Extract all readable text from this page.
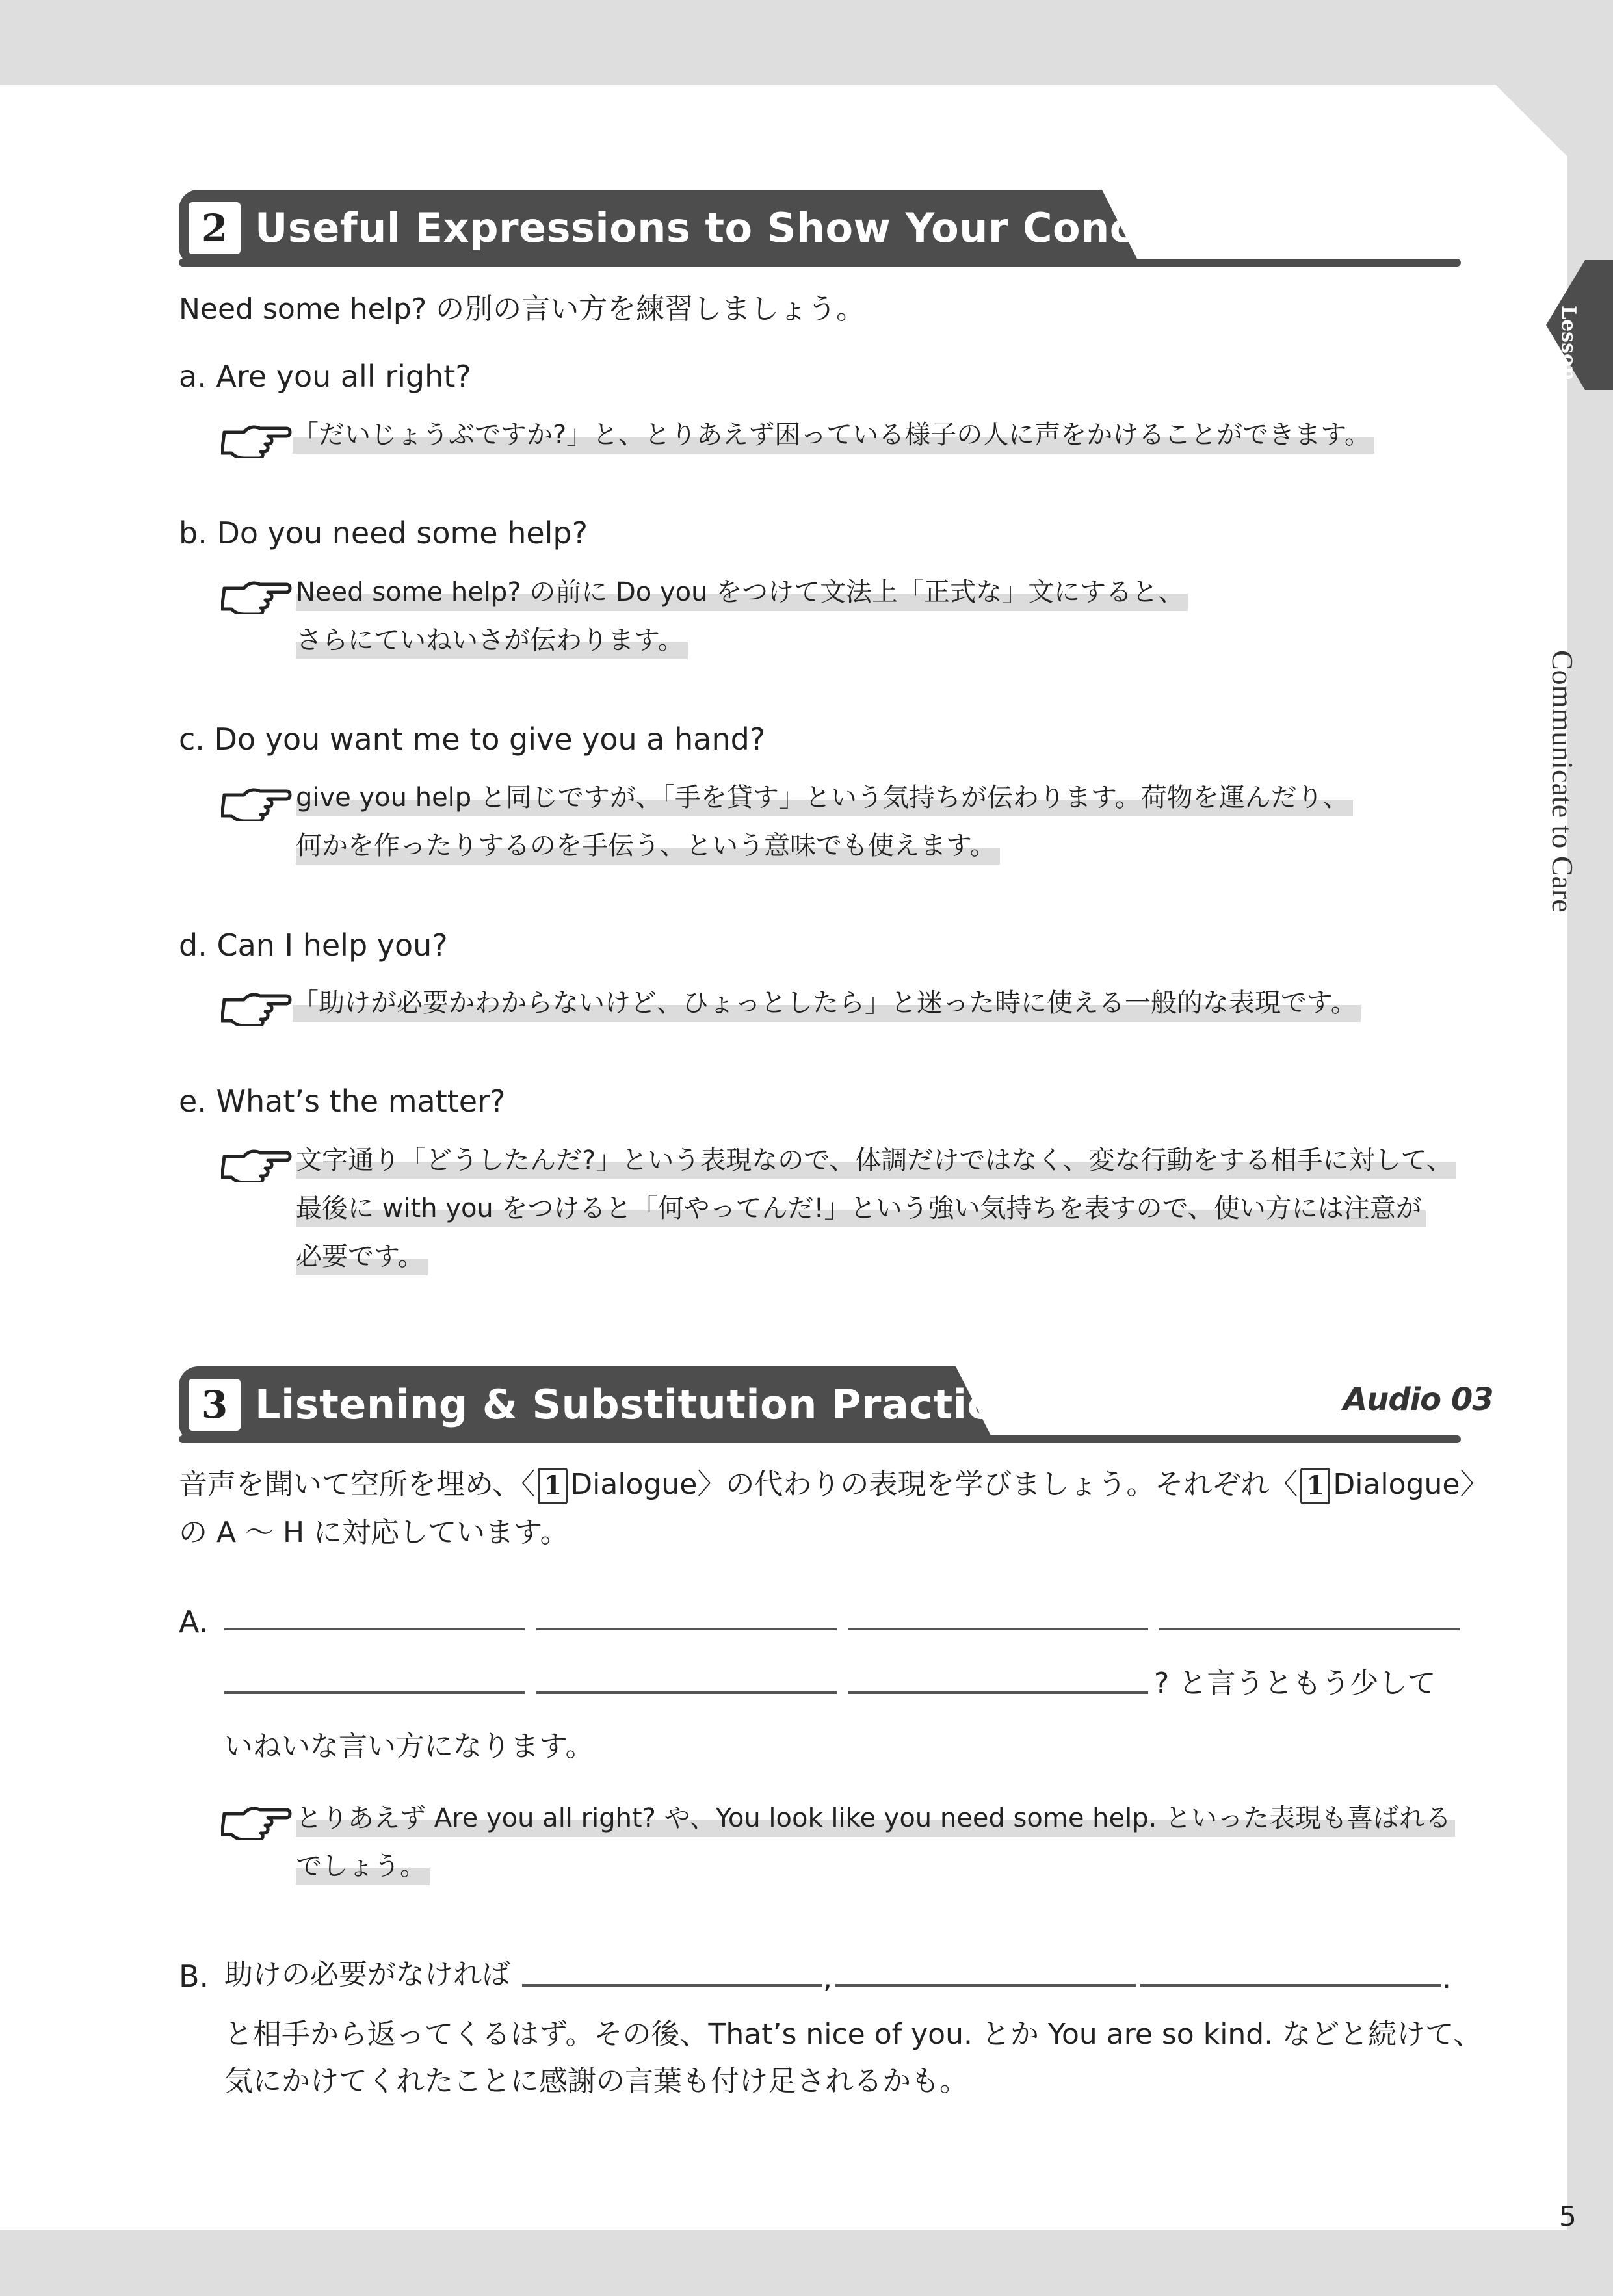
Lesson
1
Communicate to Care
2 Useful Expressions to Show Your Concern
Need some help? の別の言い方を練習しましょう。
a. Are you all right?
「だいじょうぶですか?」と、とりあえず困っている様子の人に声をかけることができます。
b. Do you need some help?
Need some help? の前に Do you をつけて文法上「正式な」文にすると、
さらにていねいさが伝わります。
c. Do you want me to give you a hand?
give you help と同じですが、「手を貸す」という気持ちが伝わります。荷物を運んだり、
何かを作ったりするのを手伝う、という意味でも使えます。
d. Can I help you?
「助けが必要かわからないけど、ひょっとしたら」と迷った時に使える一般的な表現です。
e. What’s the matter?
文字通り「どうしたんだ?」という表現なので、体調だけではなく、変な行動をする相手に対して、
最後に with you をつけると「何やってんだ!」という強い気持ちを表すので、使い方には注意が
必要です。
3 Listening & Substitution Practice	Audio 03
音声を聞いて空所を埋め、〈 1 Dialogue〉の代わりの表現を学びましょう。それぞれ〈 1 Dialogue〉
の A 〜 H に対応しています。
A.
? と言うともう少して
いねいな言い方になります。
とりあえず Are you all right? や、You look like you need some help. といった表現も喜ばれる
でしょう。
B. 助けの必要がなければ	,	.
と相手から返ってくるはず。その後、That’s nice of you. とか You are so kind. などと続けて、
気にかけてくれたことに感謝の言葉も付け足されるかも。
5
